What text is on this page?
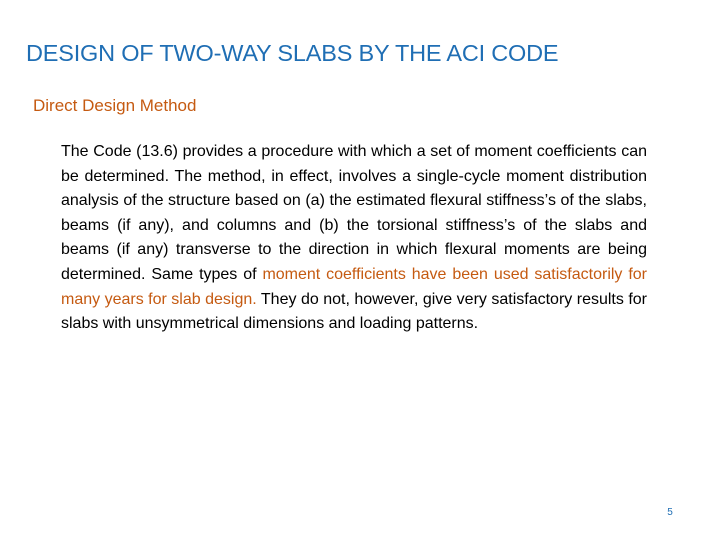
DESIGN OF TWO-WAY SLABS BY THE ACI CODE
Direct Design Method
The Code (13.6) provides a procedure with which a set of moment coefficients can be determined. The method, in effect, involves a single-cycle moment distribution analysis of the structure based on (a) the estimated flexural stiffness’s of the slabs, beams (if any), and columns and (b) the torsional stiffness’s of the slabs and beams (if any) transverse to the direction in which flexural moments are being determined. Same types of moment coefficients have been used satisfactorily for many years for slab design. They do not, however, give very satisfactory results for slabs with unsymmetrical dimensions and loading patterns.
5
